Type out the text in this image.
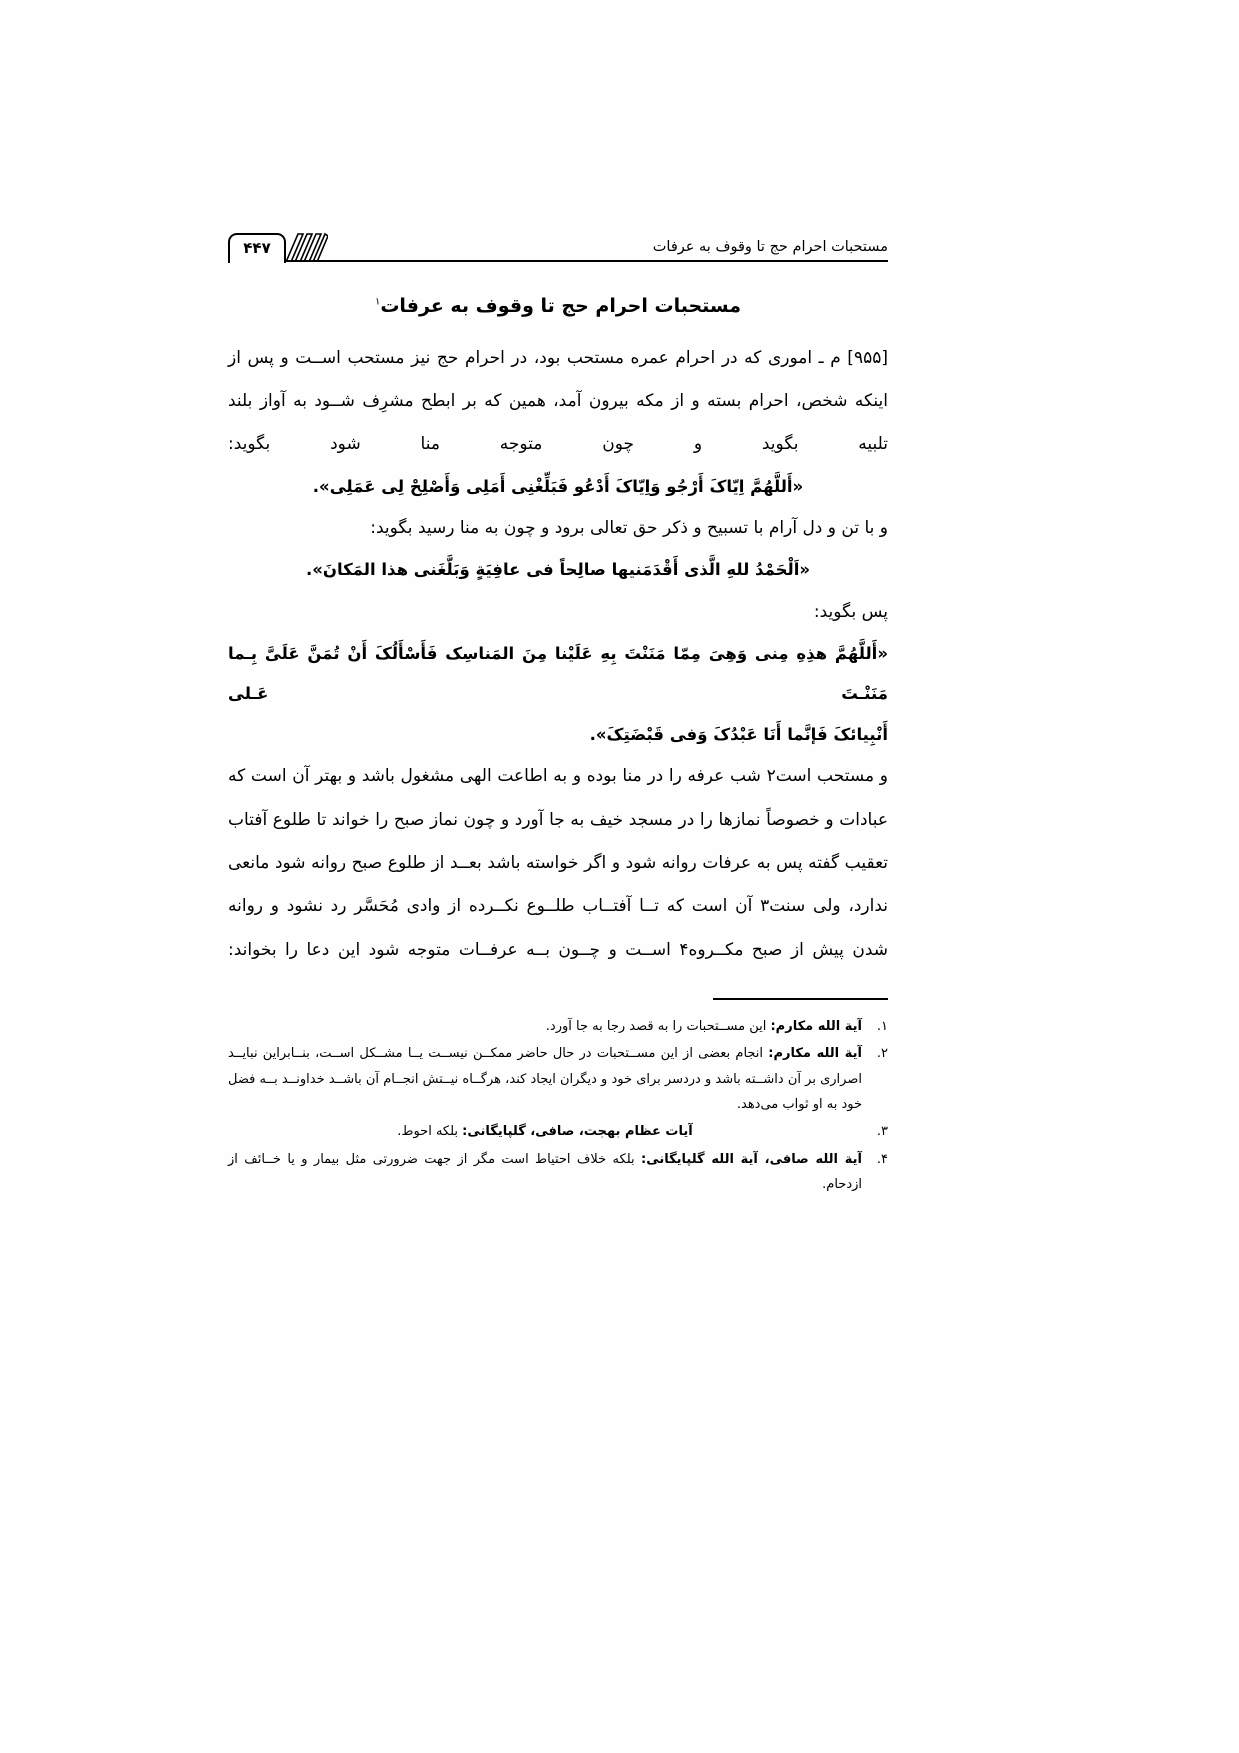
مستحبات احرام حج تا وقوف به عرفات
۴۴۷
مستحبات احرام حج تا وقوف به عرفات$^۱$

[۹۵۵] م ـ اموری که در احرام عمره مستحب بود، در احرام حج نیز مستحب اســت و پس از اینکه شخص، احرام بسته و از مکه بیرون آمد، همین که بر ابطح مشرِف شــود به آواز بلند تلبیه بگوید و چون متوجه منا شود بگوید:

«أَللَّهُمَّ اِیّاکَ أَرْجُو وَاِیّاکَ أَدْعُو فَبَلِّغْنِی أَمَلِی وَأَصْلِحْ لِی عَمَلِی».

و با تن و دل آرام با تسبیح و ذکر حق تعالی برود و چون به منا رسید بگوید:

«اَلْحَمْدُ للهِ الَّذی أَقْدَمَنیها صالِحاً فی عافِیَةٍ وَبَلَّغَنی هذا المَکانَ».

پس بگوید:

«أَللَّهُمَّ هذِهِ مِنی وَهِیَ مِمّا مَنَنْتَ بِهِ عَلَیْنا مِنَ المَناسِک فَأَسْأَلُکَ أَنْ تُمَنَّ عَلَیَّ بِـما مَنَنْـتَ عَـلی

أَنْبِیائکَ فَإنَّما أَنَا عَبْدُکَ وَفی قَبْضَتِکَ».

و مستحب است۲ شب عرفه را در منا بوده و به اطاعت الهی مشغول باشد و بهتر آن است که عبادات و خصوصاً نمازها را در مسجد خیف به جا آورد و چون نماز صبح را خواند تا طلوع آفتاب تعقیب گفته پس به عرفات روانه شود و اگر خواسته باشد بعــد از طلوع صبح روانه شود مانعی ندارد، ولی سنت۳ آن است که تــا آفتــاب طلــوع نکــرده از وادی مُحَسَّر رد نشود و روانه شدن پیش از صبح مکــروه۴ اســت و چــون بــه عرفــات متوجه شود این دعا را بخواند:

۱.
آیة الله مکارم: این مســتحبات را به قصد رجا به جا آورد.
۲.
آیة الله مکارم: انجام بعضی از این مســتحبات در حال حاضر ممکــن نیســت یــا مشــکل اســت، بنــابراین نبایــد اصراری بر آن داشــته باشد و دردسر برای خود و دیگران ایجاد کند، هرگــاه نیــتش انجــام آن باشــد خداونــد بــه فضل خود به او ثواب می‌دهد.
۳.
آیات عظام بهجت، صافی، گلپایگانی: بلکه احوط.
۴.
آیة الله صافی، آیة الله گلپایگانی: بلکه خلاف احتیاط است مگر از جهت ضرورتی مثل بیمار و یا خــائف از ازدحام.
